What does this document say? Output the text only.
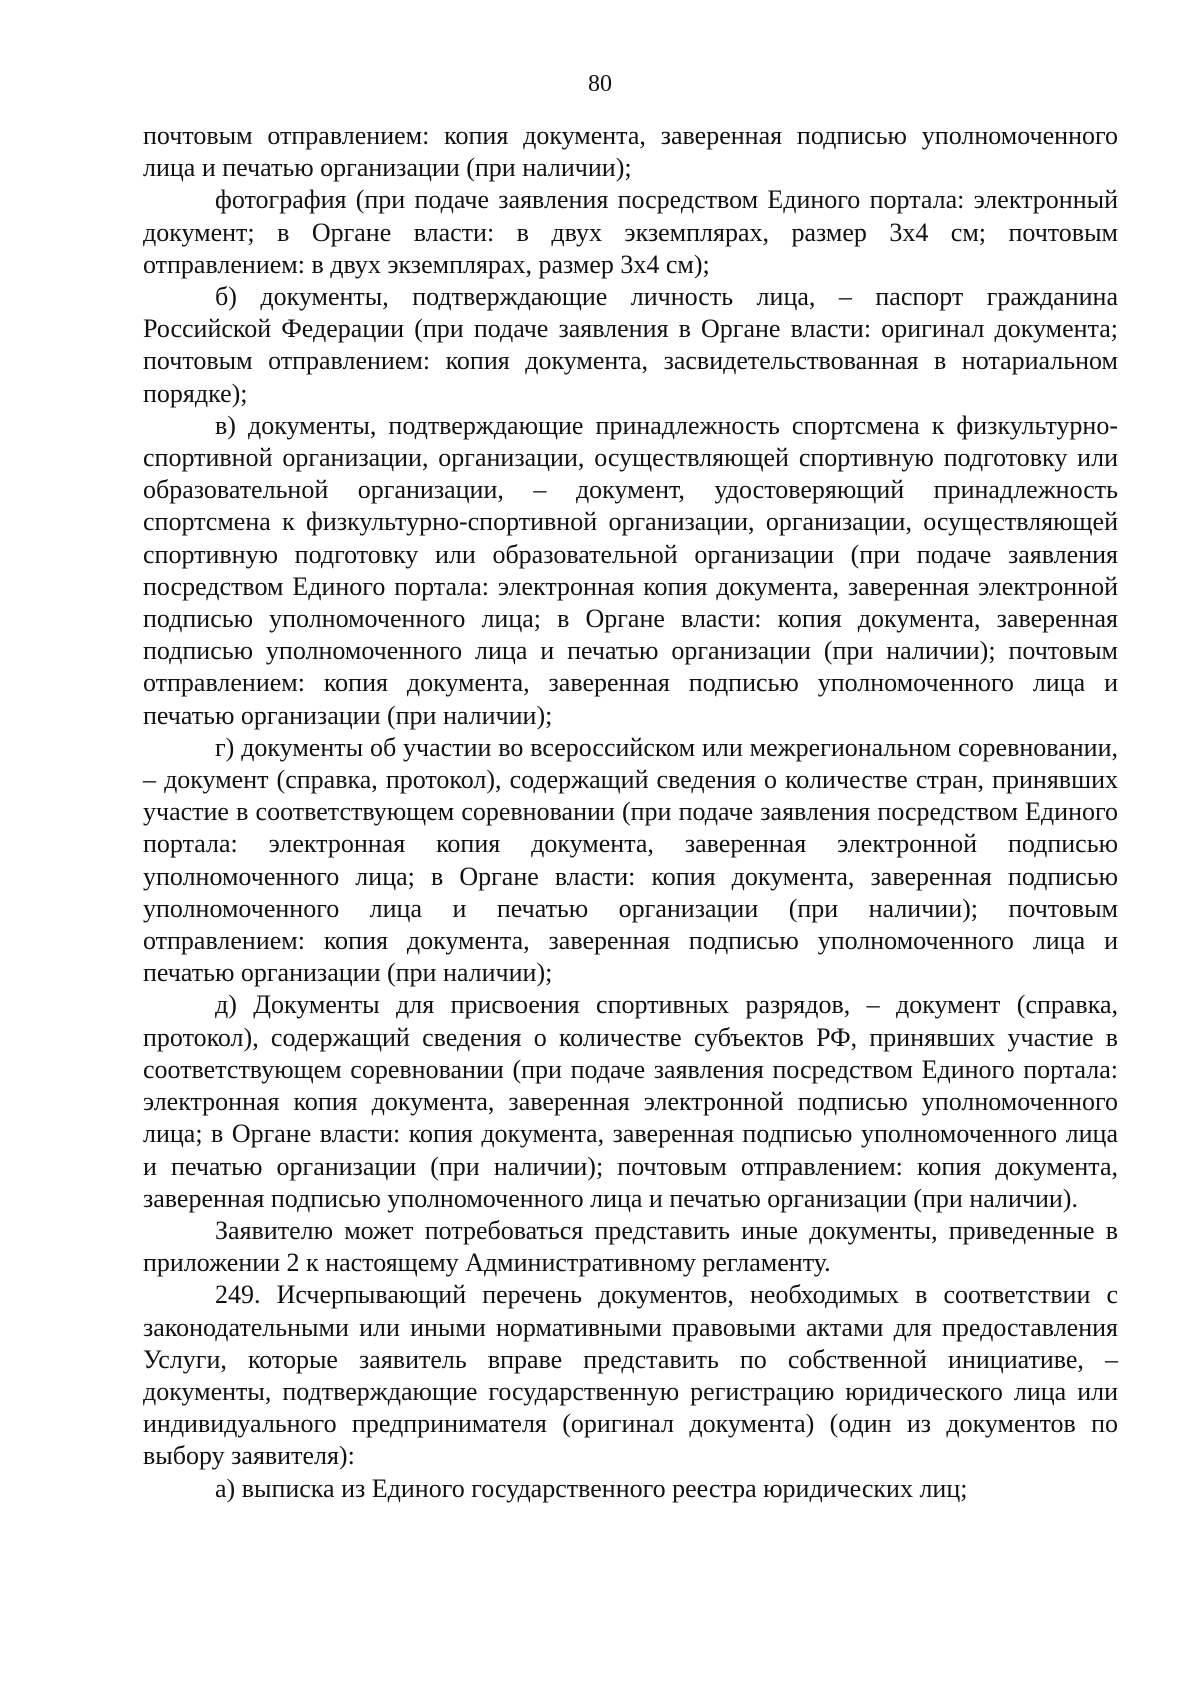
80

почтовым отправлением: копия документа, заверенная подписью уполномоченного лица и печатью организации (при наличии);

фотография (при подаче заявления посредством Единого портала: электронный документ; в Органе власти: в двух экземплярах, размер 3х4 см; почтовым отправлением: в двух экземплярах, размер 3х4 см);

б) документы, подтверждающие личность лица, – паспорт гражданина Российской Федерации (при подаче заявления в Органе власти: оригинал документа; почтовым отправлением: копия документа, засвидетельствованная в нотариальном порядке);

в) документы, подтверждающие принадлежность спортсмена к физкультурно-спортивной организации, организации, осуществляющей спортивную подготовку или образовательной организации, – документ, удостоверяющий принадлежность спортсмена к физкультурно-спортивной организации, организации, осуществляющей спортивную подготовку или образовательной организации (при подаче заявления посредством Единого портала: электронная копия документа, заверенная электронной подписью уполномоченного лица; в Органе власти: копия документа, заверенная подписью уполномоченного лица и печатью организации (при наличии); почтовым отправлением: копия документа, заверенная подписью уполномоченного лица и печатью организации (при наличии);

г) документы об участии во всероссийском или межрегиональном соревновании, – документ (справка, протокол), содержащий сведения о количестве стран, принявших участие в соответствующем соревновании (при подаче заявления посредством Единого портала: электронная копия документа, заверенная электронной подписью уполномоченного лица; в Органе власти: копия документа, заверенная подписью уполномоченного лица и печатью организации (при наличии); почтовым отправлением: копия документа, заверенная подписью уполномоченного лица и печатью организации (при наличии);

д) Документы для присвоения спортивных разрядов, – документ (справка, протокол), содержащий сведения о количестве субъектов РФ, принявших участие в соответствующем соревновании (при подаче заявления посредством Единого портала: электронная копия документа, заверенная электронной подписью уполномоченного лица; в Органе власти: копия документа, заверенная подписью уполномоченного лица и печатью организации (при наличии); почтовым отправлением: копия документа, заверенная подписью уполномоченного лица и печатью организации (при наличии).

Заявителю может потребоваться представить иные документы, приведенные в приложении 2 к настоящему Административному регламенту.

249. Исчерпывающий перечень документов, необходимых в соответствии с законодательными или иными нормативными правовыми актами для предоставления Услуги, которые заявитель вправе представить по собственной инициативе, – документы, подтверждающие государственную регистрацию юридического лица или индивидуального предпринимателя (оригинал документа) (один из документов по выбору заявителя):

а) выписка из Единого государственного реестра юридических лиц;
